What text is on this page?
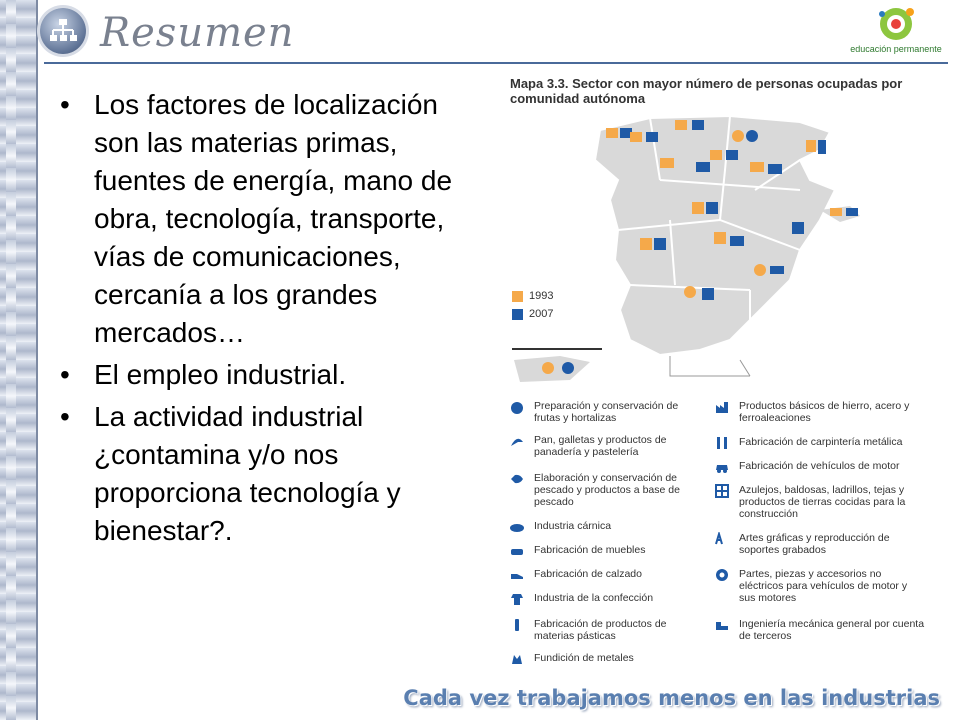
Resumen	educación permanente
• Los factores de localización son las materias primas, fuentes de energía, mano de obra, tecnología, transporte, vías de comunicaciones, cercanía a los grandes mercados…
• El empleo industrial.
• La actividad industrial ¿contamina y/o nos proporciona tecnología y bienestar?.
Mapa 3.3. Sector con mayor número de personas ocupadas por comunidad autónoma
1993
2007
Preparación y conservación de frutas y hortalizas
Pan, galletas y productos de panadería y pastelería
Elaboración y conservación de pescado y productos a base de pescado
Industria cárnica
Fabricación de muebles
Fabricación de calzado
Industria de la confección
Fabricación de productos de materias pásticas
Fundición de metales
Productos básicos de hierro, acero y ferroaleaciones
Fabricación de carpintería metálica
Fabricación de vehículos de motor
Azulejos, baldosas, ladrillos, tejas y productos de tierras cocidas para la construcción
Artes gráficas y reproducción de soportes grabados
Partes, piezas y accesorios no eléctricos para vehículos de motor y sus motores
Ingeniería mecánica general por cuenta de terceros
Cada vez trabajamos menos en las industrias
